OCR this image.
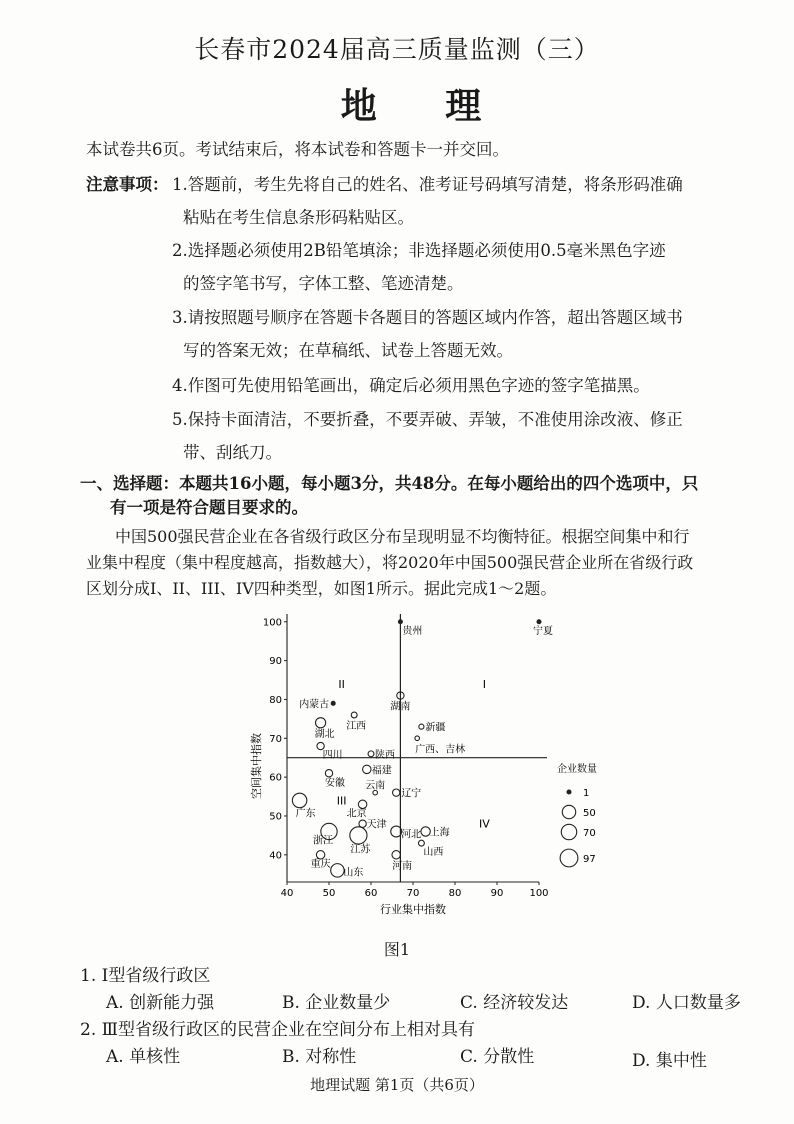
长春市2024届高三质量监测（三）
地 理
本试卷共6页。考试结束后，将本试卷和答题卡一并交回。
注意事项： 1.答题前，考生先将自己的姓名、准考证号码填写清楚，将条形码准确
粘贴在考生信息条形码粘贴区。
2.选择题必须使用2B铅笔填涂；非选择题必须使用0.5毫米黑色字迹
的签字笔书写，字体工整、笔迹清楚。
3.请按照题号顺序在答题卡各题目的答题区域内作答，超出答题区域书
写的答案无效；在草稿纸、试卷上答题无效。
4.作图可先使用铅笔画出，确定后必须用黑色字迹的签字笔描黑。
5.保持卡面清洁，不要折叠，不要弄破、弄皱，不准使用涂改液、修正
带、刮纸刀。
一、选择题：本题共16小题，每小题3分，共48分。在每小题给出的四个选项中，只
有一项是符合题目要求的。
中国500强民营企业在各省级行政区分布呈现明显不均衡特征。根据空间集中和行
业集中程度（集中程度越高，指数越大），将2020年中国500强民营企业所在省级行政
区划分成I、II、III、IV四种类型，如图1所示。据此完成1～2题。
40	50	60	70	80	90	100
40
50
60
70
80
90
100
I
II
III
IV
贵州	宁夏
内蒙古	湖南
江西
湖北
新疆
四川	陕西
广西、吉林
福建
安徽 云南
辽宁
北京
广东
天津
浙江
江苏
上海
河北
山西
重庆	河南
山东
企业数量
1
50
70
97
行业集中指数
空间集中指数
图1
1. Ⅰ型省级行政区
A. 创新能力强	B. 企业数量少	C. 经济较发达	D. 人口数量多
2. Ⅲ型省级行政区的民营企业在空间分布上相对具有
A. 单核性	B. 对称性	C. 分散性	D. 集中性
地理试题 第1页（共6页）
